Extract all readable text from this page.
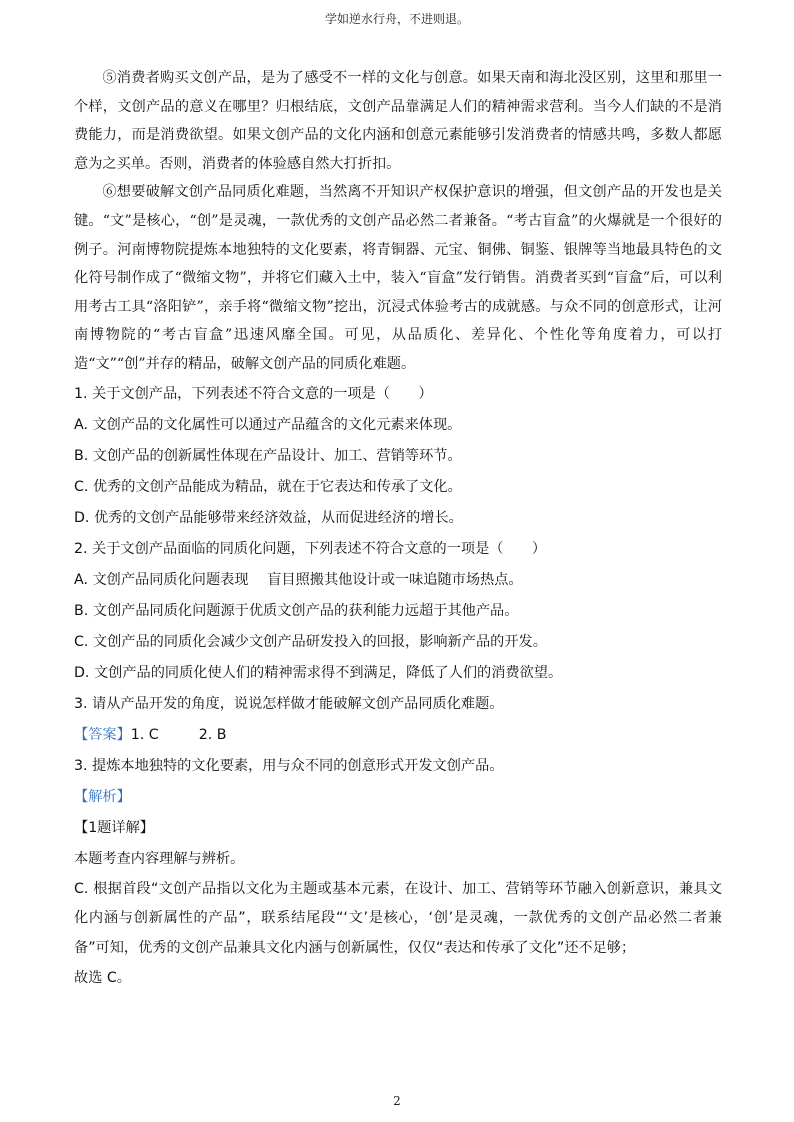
学如逆水行舟，不进则退。

⑤消费者购买文创产品，是为了感受不一样的文化与创意。如果天南和海北没区别，这里和那里一个样，文创产品的意义在哪里？归根结底，文创产品靠满足人们的精神需求营利。当今人们缺的不是消费能力，而是消费欲望。如果文创产品的文化内涵和创意元素能够引发消费者的情感共鸣，多数人都愿意为之买单。否则，消费者的体验感自然大打折扣。

⑥想要破解文创产品同质化难题，当然离不开知识产权保护意识的增强，但文创产品的开发也是关键。“文”是核心，“创”是灵魂，一款优秀的文创产品必然二者兼备。“考古盲盒”的火爆就是一个很好的例子。河南博物院提炼本地独特的文化要素，将青铜器、元宝、铜佛、铜鉴、银牌等当地最具特色的文化符号制作成了“微缩文物”，并将它们藏入土中，装入“盲盒”发行销售。消费者买到“盲盒”后，可以利用考古工具“洛阳铲”，亲手将“微缩文物”挖出，沉浸式体验考古的成就感。与众不同的创意形式，让河南博物院的“考古盲盒”迅速风靡全国。可见，从品质化、差异化、个性化等角度着力，可以打造“文”“创”并存的精品，破解文创产品的同质化难题。

1. 关于文创产品，下列表述不符合文意的一项是（　　）

A. 文创产品的文化属性可以通过产品蕴含的文化元素来体现。

B. 文创产品的创新属性体现在产品设计、加工、营销等环节。

C. 优秀的文创产品能成为精品，就在于它表达和传承了文化。

D. 优秀的文创产品能够带来经济效益，从而促进经济的增长。

2. 关于文创产品面临的同质化问题，下列表述不符合文意的一项是（　　）

A. 文创产品同质化问题表现　 盲目照搬其他设计或一味追随市场热点。

B. 文创产品同质化问题源于优质文创产品的获利能力远超于其他产品。

C. 文创产品的同质化会减少文创产品研发投入的回报，影响新产品的开发。

D. 文创产品的同质化使人们的精神需求得不到满足，降低了人们的消费欲望。

3. 请从产品开发的角度，说说怎样做才能破解文创产品同质化难题。

【答案】1. C	2. B

3. 提炼本地独特的文化要素，用与众不同的创意形式开发文创产品。

【解析】

【1题详解】

本题考查内容理解与辨析。

C. 根据首段“文创产品指以文化为主题或基本元素，在设计、加工、营销等环节融入创新意识，兼具文化内涵与创新属性的产品”，联系结尾段“‘文’是核心，‘创’是灵魂，一款优秀的文创产品必然二者兼备”可知，优秀的文创产品兼具文化内涵与创新属性，仅仅“表达和传承了文化”还不足够；

故选 C。

2
